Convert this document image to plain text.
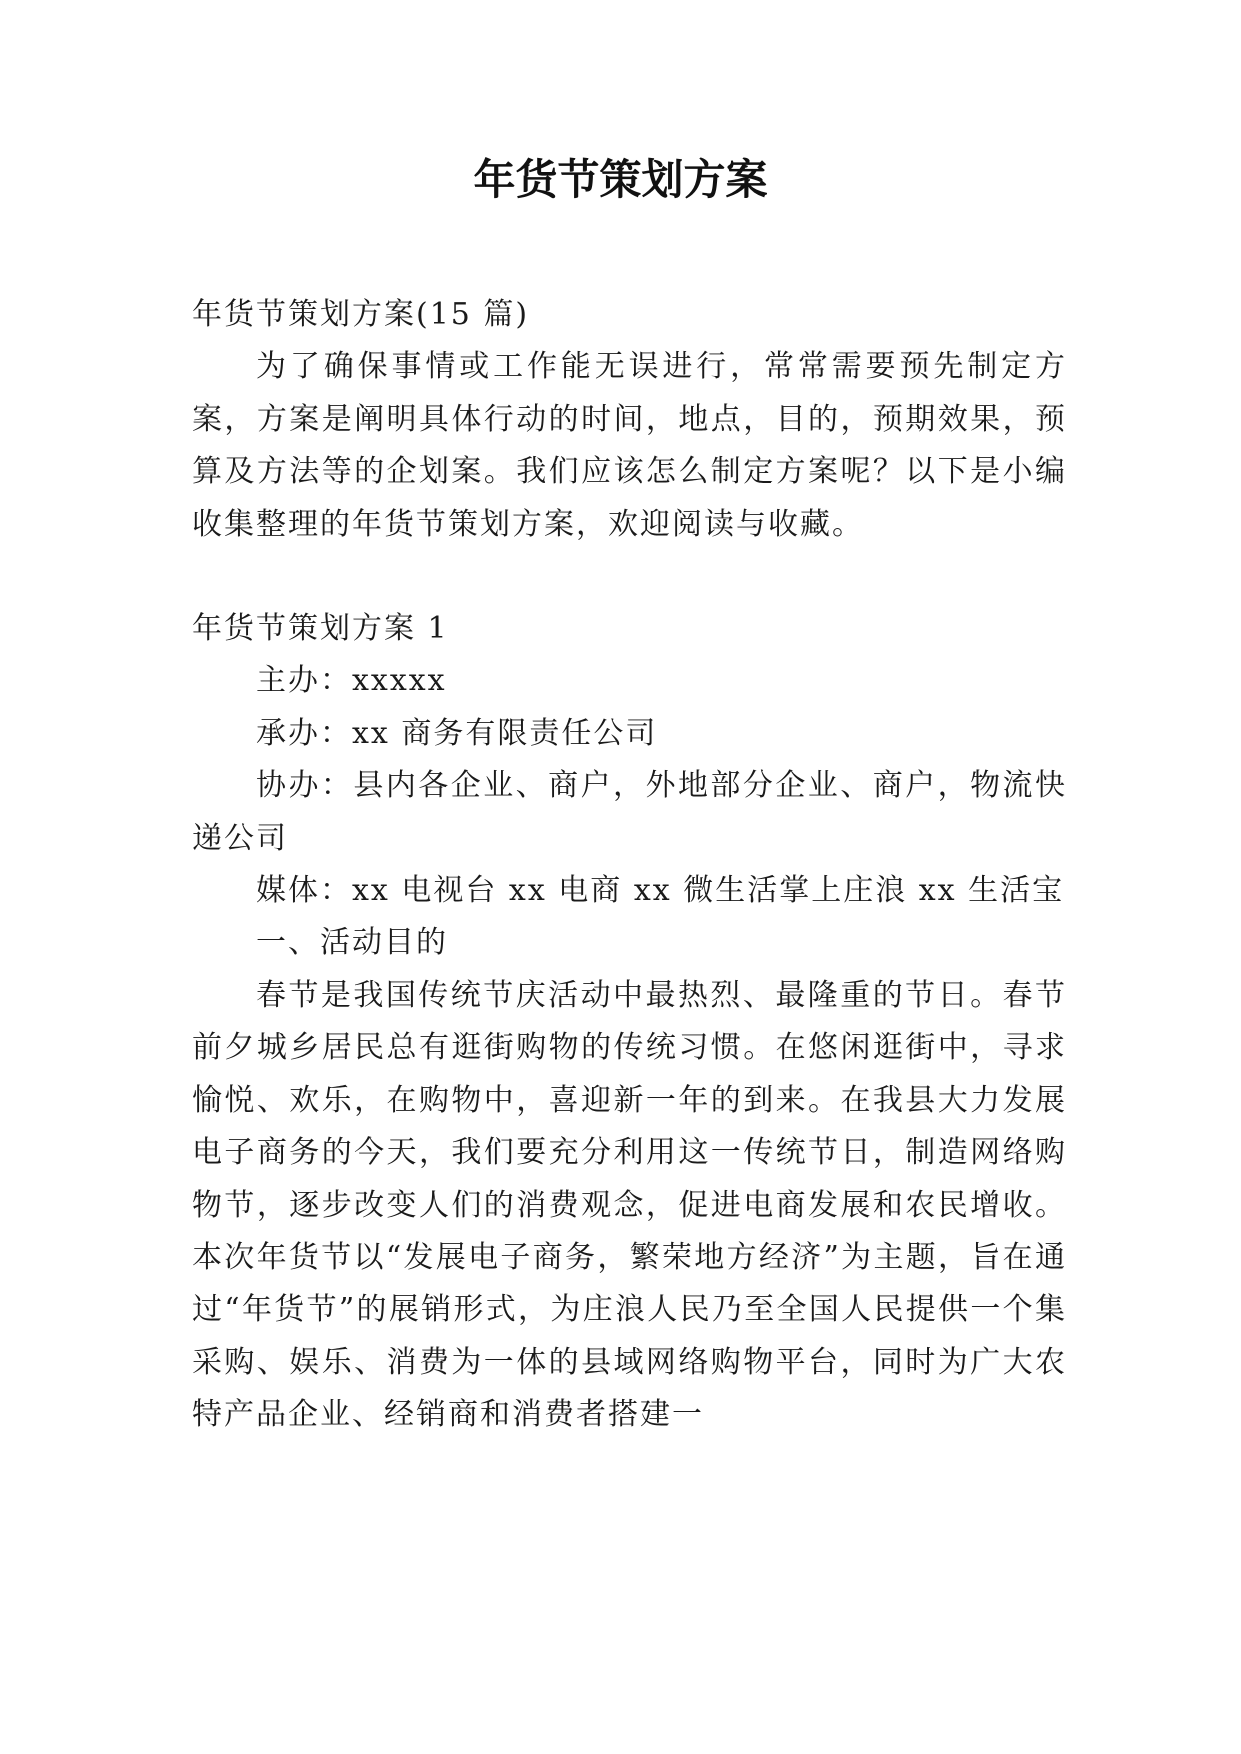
年货节策划方案

年货节策划方案(15 篇)

为了确保事情或工作能无误进行，常常需要预先制定方案，方案是阐明具体行动的时间，地点，目的，预期效果，预算及方法等的企划案。我们应该怎么制定方案呢？以下是小编收集整理的年货节策划方案，欢迎阅读与收藏。

年货节策划方案 1

主办：xxxxx

承办：xx 商务有限责任公司

协办：县内各企业、商户，外地部分企业、商户，物流快递公司

媒体：xx 电视台 xx 电商 xx 微生活掌上庄浪 xx 生活宝

一、活动目的

春节是我国传统节庆活动中最热烈、最隆重的节日。春节前夕城乡居民总有逛街购物的传统习惯。在悠闲逛街中，寻求愉悦、欢乐，在购物中，喜迎新一年的到来。在我县大力发展电子商务的今天，我们要充分利用这一传统节日，制造网络购物节，逐步改变人们的消费观念，促进电商发展和农民增收。本次年货节以“发展电子商务，繁荣地方经济”为主题，旨在通过“年货节”的展销形式，为庄浪人民乃至全国人民提供一个集采购、娱乐、消费为一体的县域网络购物平台，同时为广大农特产品企业、经销商和消费者搭建一
